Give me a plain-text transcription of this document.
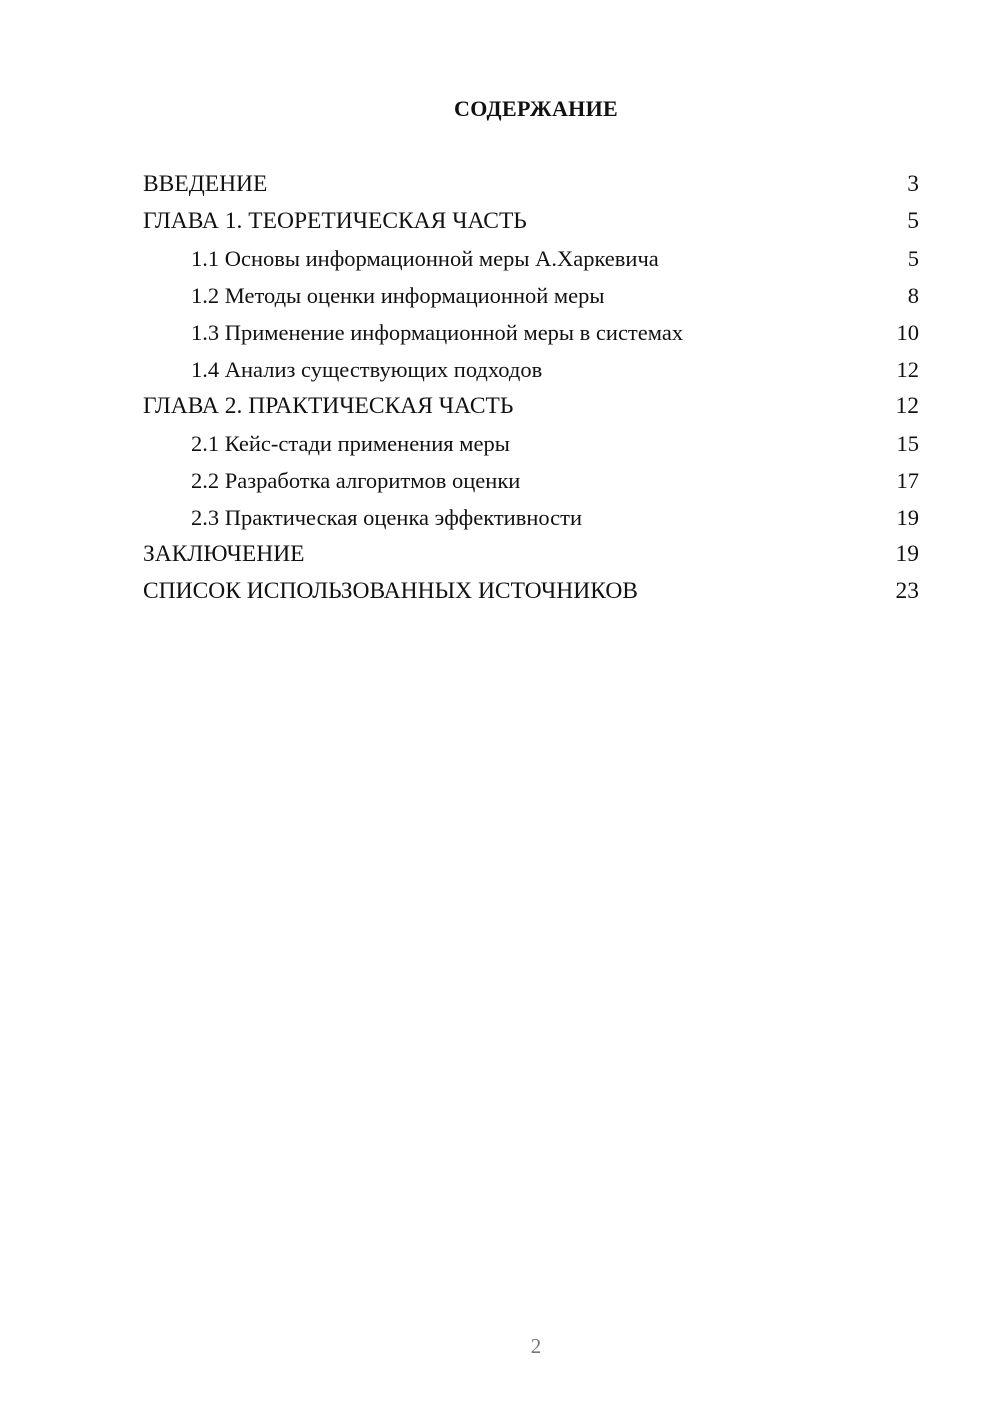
СОДЕРЖАНИЕ
ВВЕДЕНИЕ	3
ГЛАВА 1. ТЕОРЕТИЧЕСКАЯ ЧАСТЬ	5
1.1 Основы информационной меры А.Харкевича	5
1.2 Методы оценки информационной меры	8
1.3 Применение информационной меры в системах	10
1.4 Анализ существующих подходов	12
ГЛАВА 2. ПРАКТИЧЕСКАЯ ЧАСТЬ	12
2.1 Кейс-стади применения меры	15
2.2 Разработка алгоритмов оценки	17
2.3 Практическая оценка эффективности	19
ЗАКЛЮЧЕНИЕ	19
СПИСОК ИСПОЛЬЗОВАННЫХ ИСТОЧНИКОВ	23
2
